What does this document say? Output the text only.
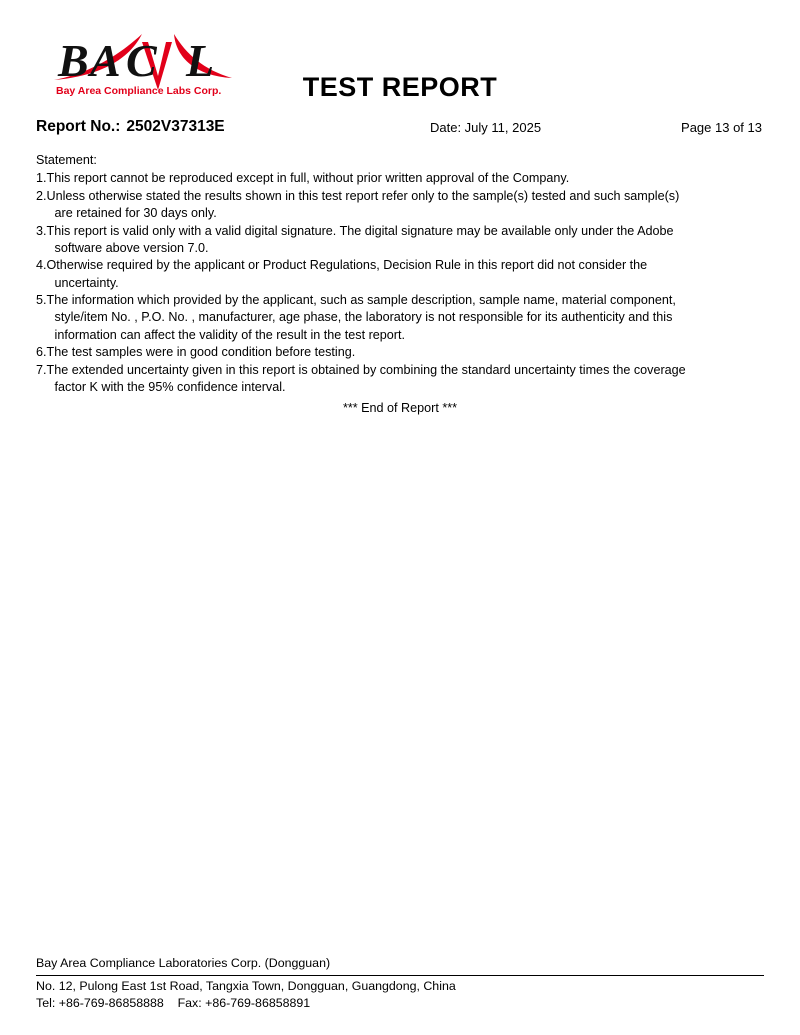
B A C L
Bay Area Compliance Labs Corp.	TEST REPORT
Report No.: 2502V37313E	Date: July 11, 2025	Page 13 of 13
Statement:
1. This report cannot be reproduced except in full, without prior written approval of the Company.
2. Unless otherwise stated the results shown in this test report refer only to the sample(s) tested and such sample(s)
are retained for 30 days only.
3. This report is valid only with a valid digital signature. The digital signature may be available only under the Adobe
software above version 7.0.
4. Otherwise required by the applicant or Product Regulations, Decision Rule in this report did not consider the
uncertainty.
5. The information which provided by the applicant, such as sample description, sample name, material component,
style/item No. , P.O. No. , manufacturer, age phase, the laboratory is not responsible for its authenticity and this
information can affect the validity of the result in the test report.
6. The test samples were in good condition before testing.
7. The extended uncertainty given in this report is obtained by combining the standard uncertainty times the coverage
factor K with the 95% confidence interval.
*** End of Report ***
Bay Area Compliance Laboratories Corp. (Dongguan)
No. 12, Pulong East 1st Road, Tangxia Town, Dongguan, Guangdong, China
Tel: +86-769-86858888    Fax: +86-769-86858891
